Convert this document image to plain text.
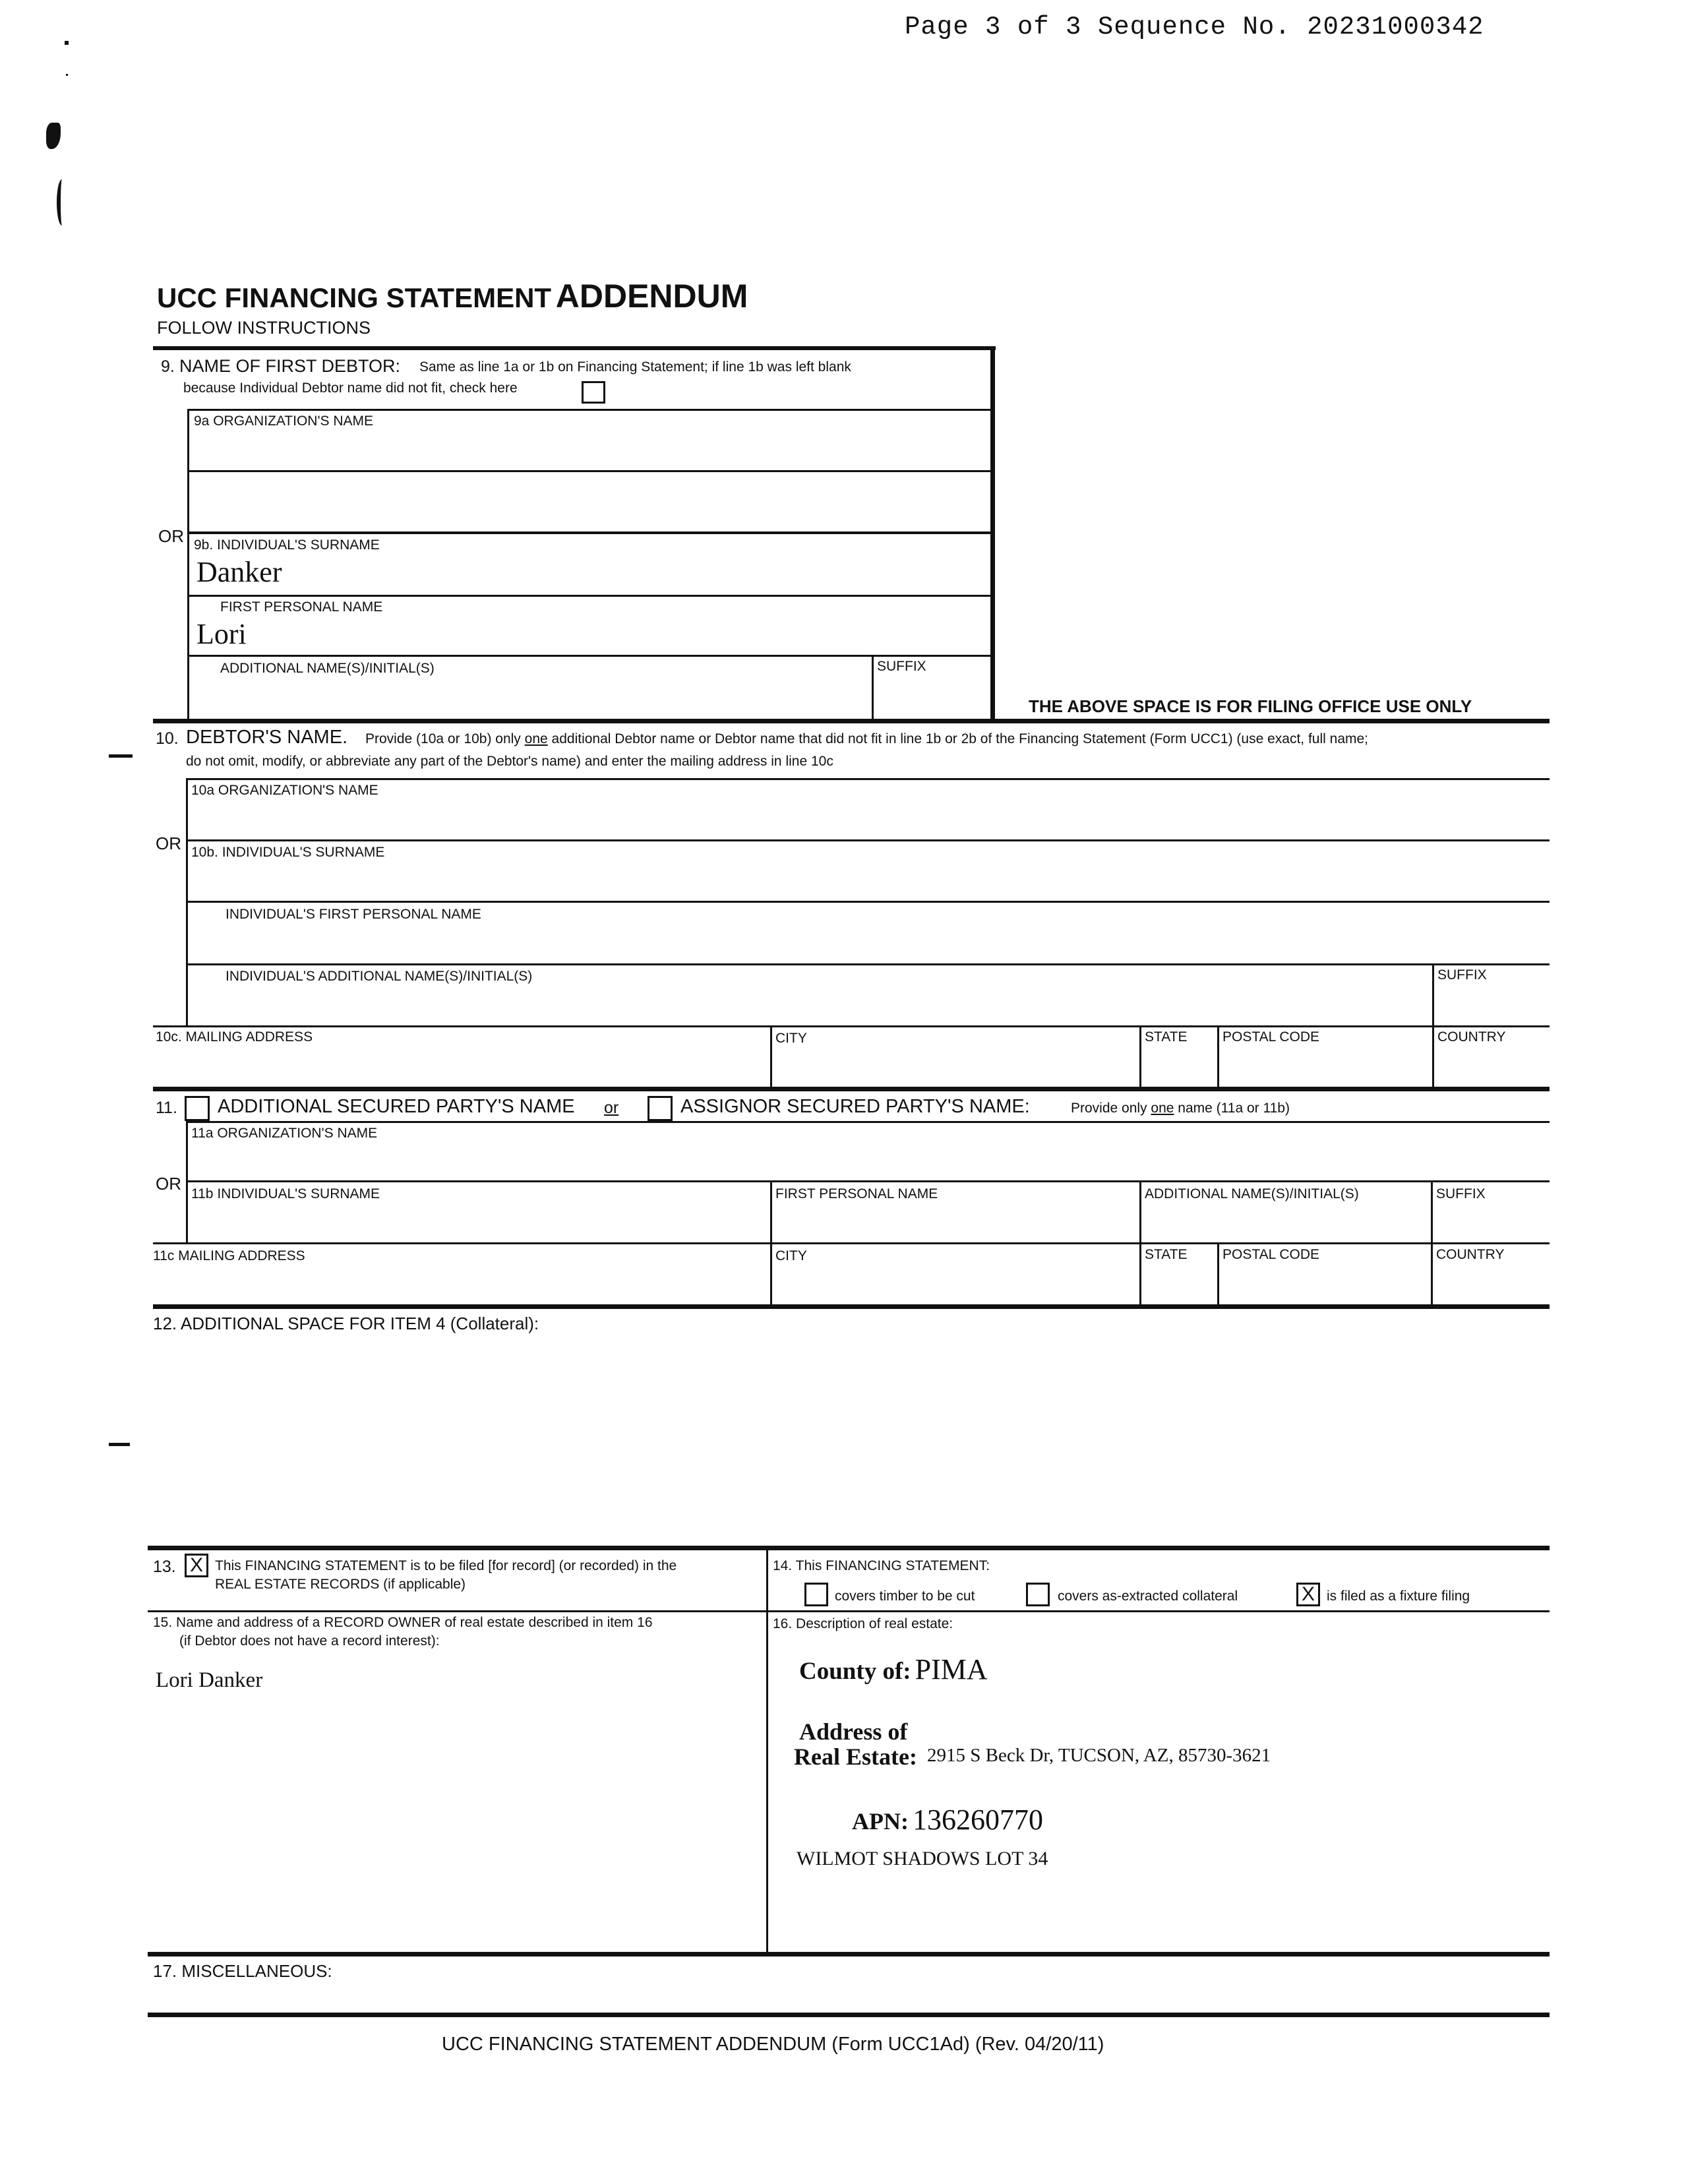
Page 3 of 3 Sequence No. 20231000342
UCC FINANCING STATEMENT ADDENDUM
FOLLOW INSTRUCTIONS
9. NAME OF FIRST DEBTOR: Same as line 1a or 1b on Financing Statement; if line 1b was left blank
because Individual Debtor name did not fit, check here
9a ORGANIZATION'S NAME
OR 9b. INDIVIDUAL'S SURNAME
Danker
FIRST PERSONAL NAME
Lori
ADDITIONAL NAME(S)/INITIAL(S)	SUFFIX
THE ABOVE SPACE IS FOR FILING OFFICE USE ONLY
10. DEBTOR'S NAME. Provide (10a or 10b) only one additional Debtor name or Debtor name that did not fit in line 1b or 2b of the Financing Statement (Form UCC1) (use exact, full name;
do not omit, modify, or abbreviate any part of the Debtor's name) and enter the mailing address in line 10c
10a ORGANIZATION'S NAME
OR 10b. INDIVIDUAL'S SURNAME
INDIVIDUAL'S FIRST PERSONAL NAME
INDIVIDUAL'S ADDITIONAL NAME(S)/INITIAL(S)	SUFFIX
10c. MAILING ADDRESS	CITY	STATE	POSTAL CODE	COUNTRY
11. ADDITIONAL SECURED PARTY'S NAME or	ASSIGNOR SECURED PARTY'S NAME:	Provide only one name (11a or 11b)
11a ORGANIZATION'S NAME
OR
11b INDIVIDUAL'S SURNAME	FIRST PERSONAL NAME	ADDITIONAL NAME(S)/INITIAL(S)	SUFFIX
11c MAILING ADDRESS	CITY	STATE	POSTAL CODE	COUNTRY
12. ADDITIONAL SPACE FOR ITEM 4 (Collateral):
13. X This FINANCING STATEMENT is to be filed [for record] (or recorded) in the
REAL ESTATE RECORDS (if applicable)
14. This FINANCING STATEMENT:
covers timber to be cut	covers as-extracted collateral	X is filed as a fixture filing
15. Name and address of a RECORD OWNER of real estate described in item 16
(if Debtor does not have a record interest):
Lori Danker
16. Description of real estate:
County of: PIMA
Address of
Real Estate: 2915 S Beck Dr, TUCSON, AZ, 85730-3621
APN: 136260770
WILMOT SHADOWS LOT 34
17. MISCELLANEOUS:
UCC FINANCING STATEMENT ADDENDUM (Form UCC1Ad) (Rev. 04/20/11)
